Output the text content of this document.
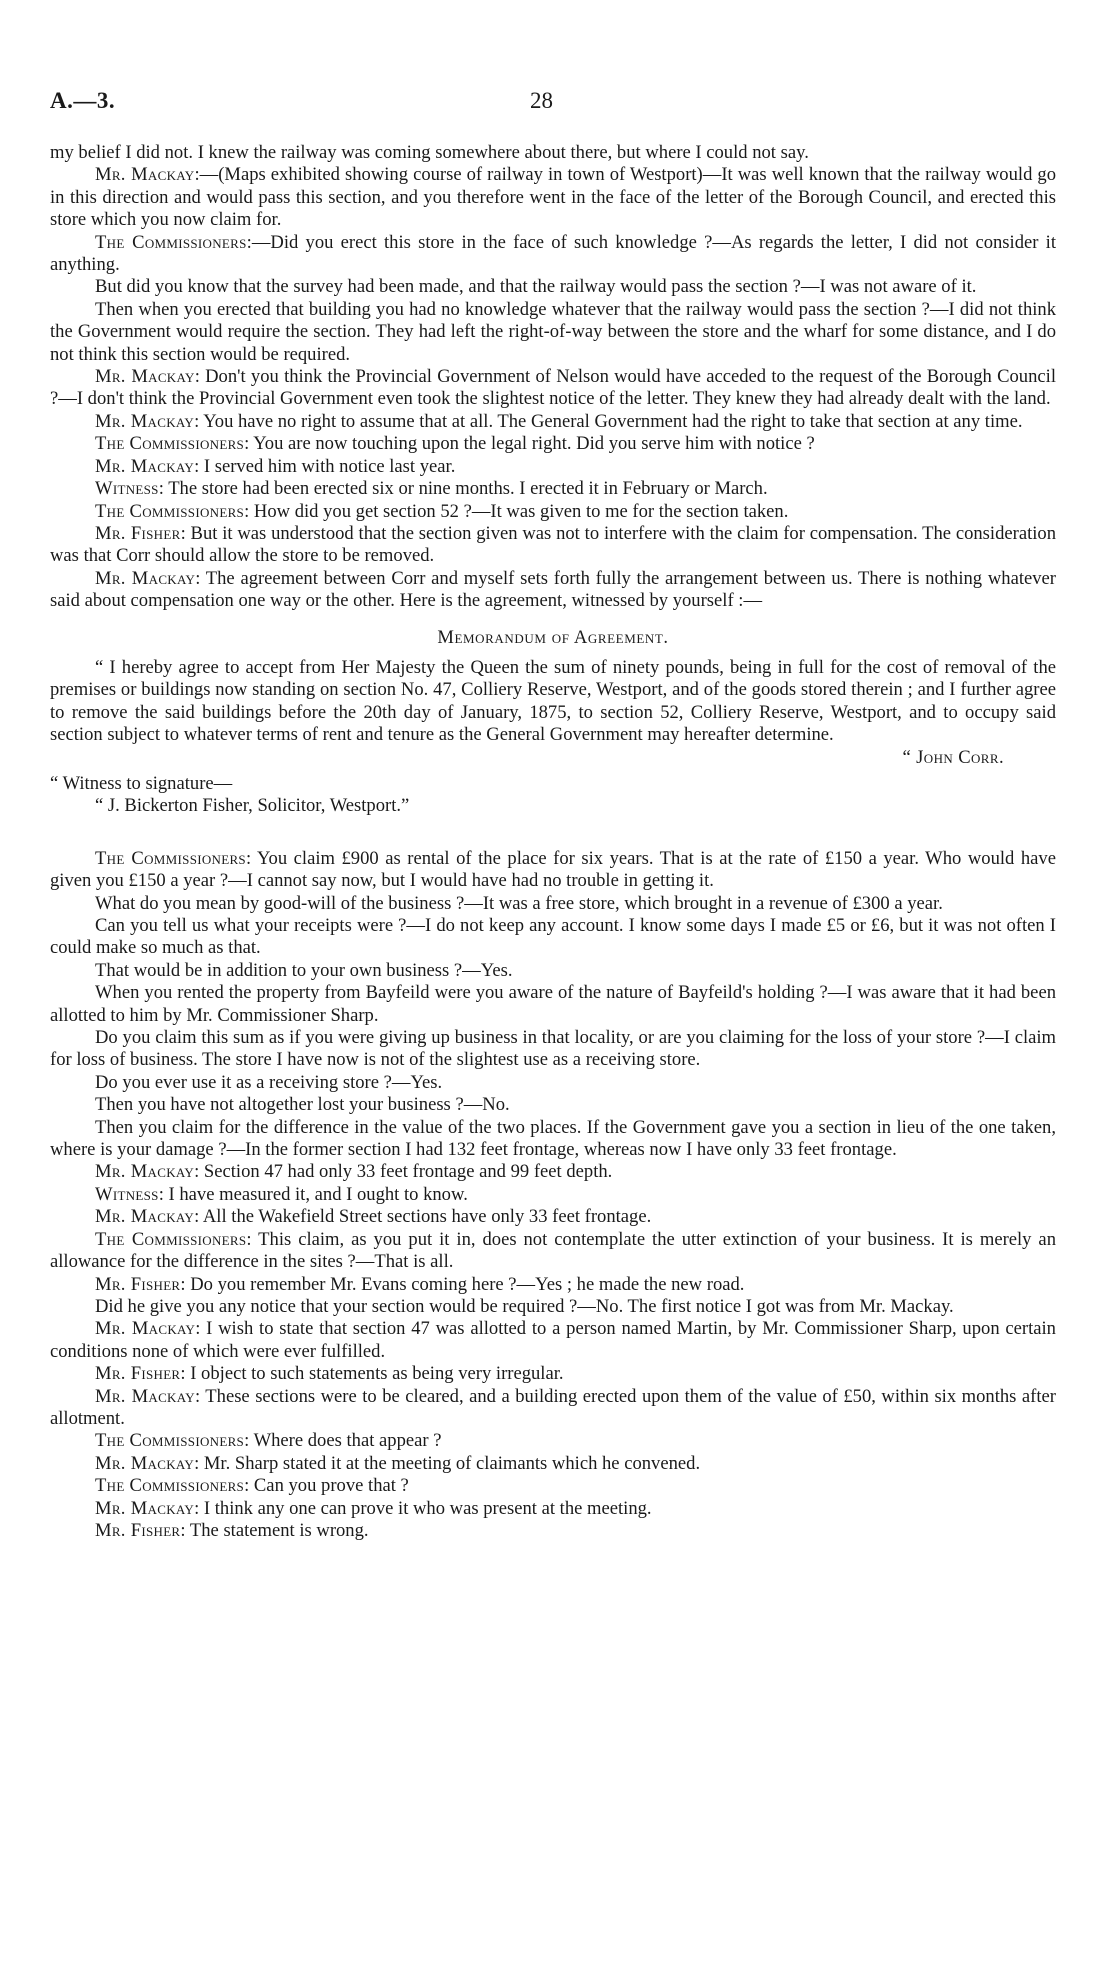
A.—3.	28
my belief I did not. I knew the railway was coming somewhere about there, but where I could not say.
Mr. Mackay:—(Maps exhibited showing course of railway in town of Westport)—It was well known that the railway would go in this direction and would pass this section, and you therefore went in the face of the letter of the Borough Council, and erected this store which you now claim for.
The Commissioners:—Did you erect this store in the face of such knowledge ?—As regards the letter, I did not consider it anything.
But did you know that the survey had been made, and that the railway would pass the section ?—I was not aware of it.
Then when you erected that building you had no knowledge whatever that the railway would pass the section ?—I did not think the Government would require the section. They had left the right-of-way between the store and the wharf for some distance, and I do not think this section would be required.
Mr. Mackay: Don't you think the Provincial Government of Nelson would have acceded to the request of the Borough Council ?—I don't think the Provincial Government even took the slightest notice of the letter. They knew they had already dealt with the land.
Mr. Mackay: You have no right to assume that at all. The General Government had the right to take that section at any time.
The Commissioners: You are now touching upon the legal right. Did you serve him with notice ?
Mr. Mackay: I served him with notice last year.
Witness: The store had been erected six or nine months. I erected it in February or March.
The Commissioners: How did you get section 52 ?—It was given to me for the section taken.
Mr. Fisher: But it was understood that the section given was not to interfere with the claim for compensation. The consideration was that Corr should allow the store to be removed.
Mr. Mackay: The agreement between Corr and myself sets forth fully the arrangement between us. There is nothing whatever said about compensation one way or the other. Here is the agreement, witnessed by yourself :—
Memorandum of Agreement.
“ I hereby agree to accept from Her Majesty the Queen the sum of ninety pounds, being in full for the cost of removal of the premises or buildings now standing on section No. 47, Colliery Reserve, Westport, and of the goods stored therein ; and I further agree to remove the said buildings before the 20th day of January, 1875, to section 52, Colliery Reserve, Westport, and to occupy said section subject to whatever terms of rent and tenure as the General Government may hereafter determine.
“ John Corr.
“ Witness to signature—
“ J. Bickerton Fisher, Solicitor, Westport.”
The Commissioners: You claim £900 as rental of the place for six years. That is at the rate of £150 a year. Who would have given you £150 a year ?—I cannot say now, but I would have had no trouble in getting it.
What do you mean by good-will of the business ?—It was a free store, which brought in a revenue of £300 a year.
Can you tell us what your receipts were ?—I do not keep any account. I know some days I made £5 or £6, but it was not often I could make so much as that.
That would be in addition to your own business ?—Yes.
When you rented the property from Bayfeild were you aware of the nature of Bayfeild's holding ?—I was aware that it had been allotted to him by Mr. Commissioner Sharp.
Do you claim this sum as if you were giving up business in that locality, or are you claiming for the loss of your store ?—I claim for loss of business. The store I have now is not of the slightest use as a receiving store.
Do you ever use it as a receiving store ?—Yes.
Then you have not altogether lost your business ?—No.
Then you claim for the difference in the value of the two places. If the Government gave you a section in lieu of the one taken, where is your damage ?—In the former section I had 132 feet frontage, whereas now I have only 33 feet frontage.
Mr. Mackay: Section 47 had only 33 feet frontage and 99 feet depth.
Witness: I have measured it, and I ought to know.
Mr. Mackay: All the Wakefield Street sections have only 33 feet frontage.
The Commissioners: This claim, as you put it in, does not contemplate the utter extinction of your business. It is merely an allowance for the difference in the sites ?—That is all.
Mr. Fisher: Do you remember Mr. Evans coming here ?—Yes ; he made the new road.
Did he give you any notice that your section would be required ?—No. The first notice I got was from Mr. Mackay.
Mr. Mackay: I wish to state that section 47 was allotted to a person named Martin, by Mr. Commissioner Sharp, upon certain conditions none of which were ever fulfilled.
Mr. Fisher: I object to such statements as being very irregular.
Mr. Mackay: These sections were to be cleared, and a building erected upon them of the value of £50, within six months after allotment.
The Commissioners: Where does that appear ?
Mr. Mackay: Mr. Sharp stated it at the meeting of claimants which he convened.
The Commissioners: Can you prove that ?
Mr. Mackay: I think any one can prove it who was present at the meeting.
Mr. Fisher: The statement is wrong.
